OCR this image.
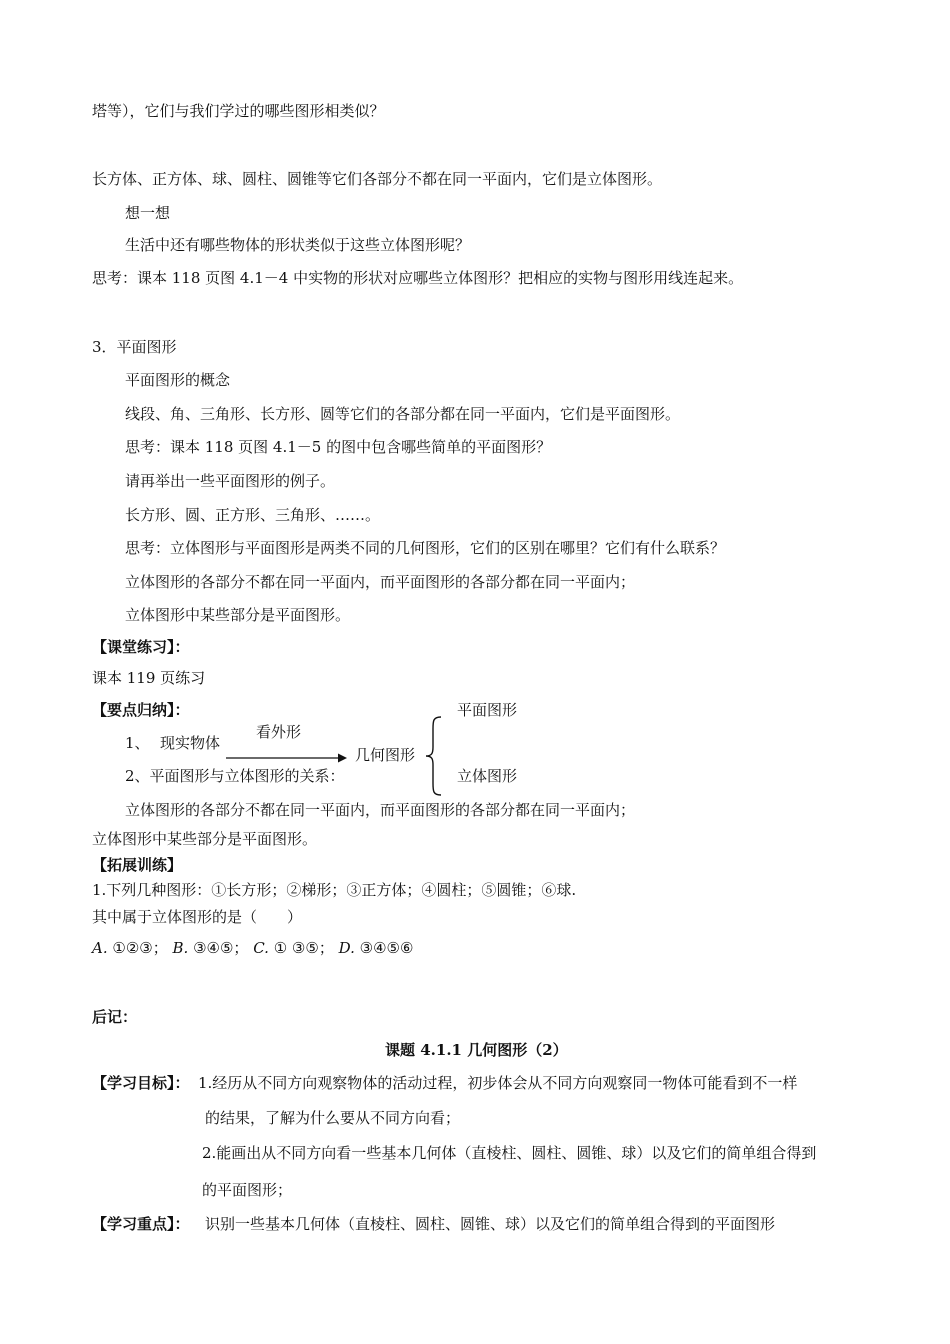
塔等），它们与我们学过的哪些图形相类似？
长方体、正方体、球、圆柱、圆锥等它们各部分不都在同一平面内，它们是立体图形。
想一想
生活中还有哪些物体的形状类似于这些立体图形呢？
思考：课本 118 页图 4.1－4 中实物的形状对应哪些立体图形？把相应的实物与图形用线连起来。
3．平面图形
平面图形的概念
线段、角、三角形、长方形、圆等它们的各部分都在同一平面内，它们是平面图形。
思考：课本 118 页图 4.1－5 的图中包含哪些简单的平面图形？
请再举出一些平面图形的例子。
长方形、圆、正方形、三角形、……。
思考：立体图形与平面图形是两类不同的几何图形，它们的区别在哪里？它们有什么联系？
立体图形的各部分不都在同一平面内，而平面图形的各部分都在同一平面内；
立体图形中某些部分是平面图形。
【课堂练习】：
课本 119 页练习
【要点归纳】：
1、 现实物体
看外形
几何图形
平面图形
立体图形
2、平面图形与立体图形的关系：
立体图形的各部分不都在同一平面内，而平面图形的各部分都在同一平面内；
立体图形中某些部分是平面图形。
【拓展训练】
1.下列几种图形：①长方形；②梯形；③正方体；④圆柱；⑤圆锥；⑥球.
其中属于立体图形的是（　　）
A. ①②③； B. ③④⑤； C. ① ③⑤； D. ③④⑤⑥
后记：
课题 4.1.1 几何图形（2）
【学习目标】： 1.经历从不同方向观察物体的活动过程，初步体会从不同方向观察同一物体可能看到不一样
的结果，了解为什么要从不同方向看；
2.能画出从不同方向看一些基本几何体（直棱柱、圆柱、圆锥、球）以及它们的简单组合得到
的平面图形；
【学习重点】： 识别一些基本几何体（直棱柱、圆柱、圆锥、球）以及它们的简单组合得到的平面图形
